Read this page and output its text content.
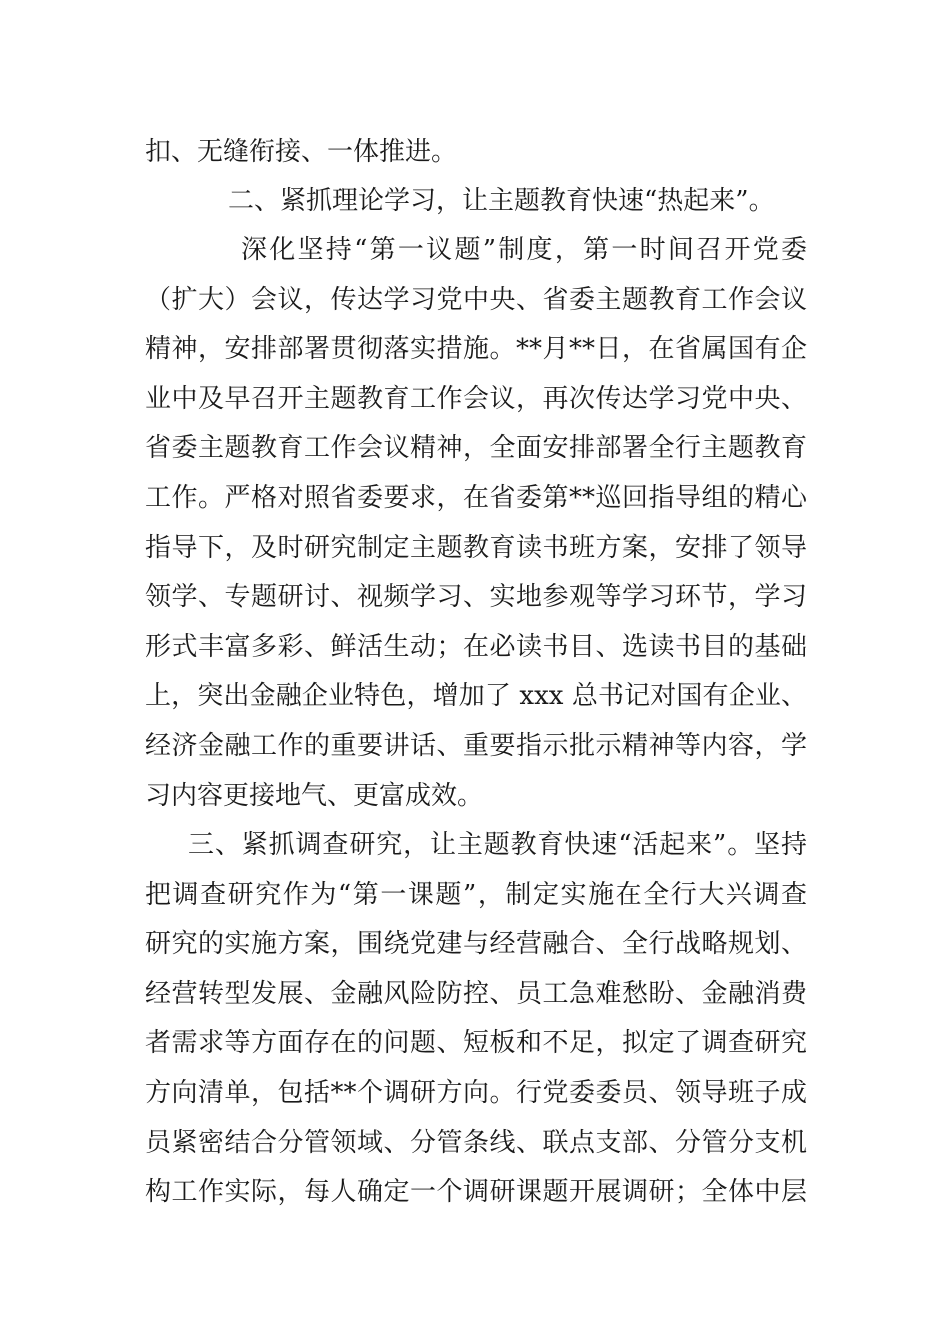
扣、无缝衔接、一体推进。
二、紧抓理论学习，让主题教育快速“热起来”。
深化坚持“第一议题”制度，第一时间召开党委
（扩大）会议，传达学习党中央、省委主题教育工作会议
精神，安排部署贯彻落实措施。**月**日，在省属国有企
业中及早召开主题教育工作会议，再次传达学习党中央、
省委主题教育工作会议精神，全面安排部署全行主题教育
工作。严格对照省委要求，在省委第**巡回指导组的精心
指导下，及时研究制定主题教育读书班方案，安排了领导
领学、专题研讨、视频学习、实地参观等学习环节，学习
形式丰富多彩、鲜活生动；在必读书目、选读书目的基础
上，突出金融企业特色，增加了 xxx 总书记对国有企业、
经济金融工作的重要讲话、重要指示批示精神等内容，学
习内容更接地气、更富成效。
三、紧抓调查研究，让主题教育快速“活起来”。坚持
把调查研究作为“第一课题”，制定实施在全行大兴调查
研究的实施方案，围绕党建与经营融合、全行战略规划、
经营转型发展、金融风险防控、员工急难愁盼、金融消费
者需求等方面存在的问题、短板和不足，拟定了调查研究
方向清单，包括**个调研方向。行党委委员、领导班子成
员紧密结合分管领域、分管条线、联点支部、分管分支机
构工作实际，每人确定一个调研课题开展调研；全体中层
